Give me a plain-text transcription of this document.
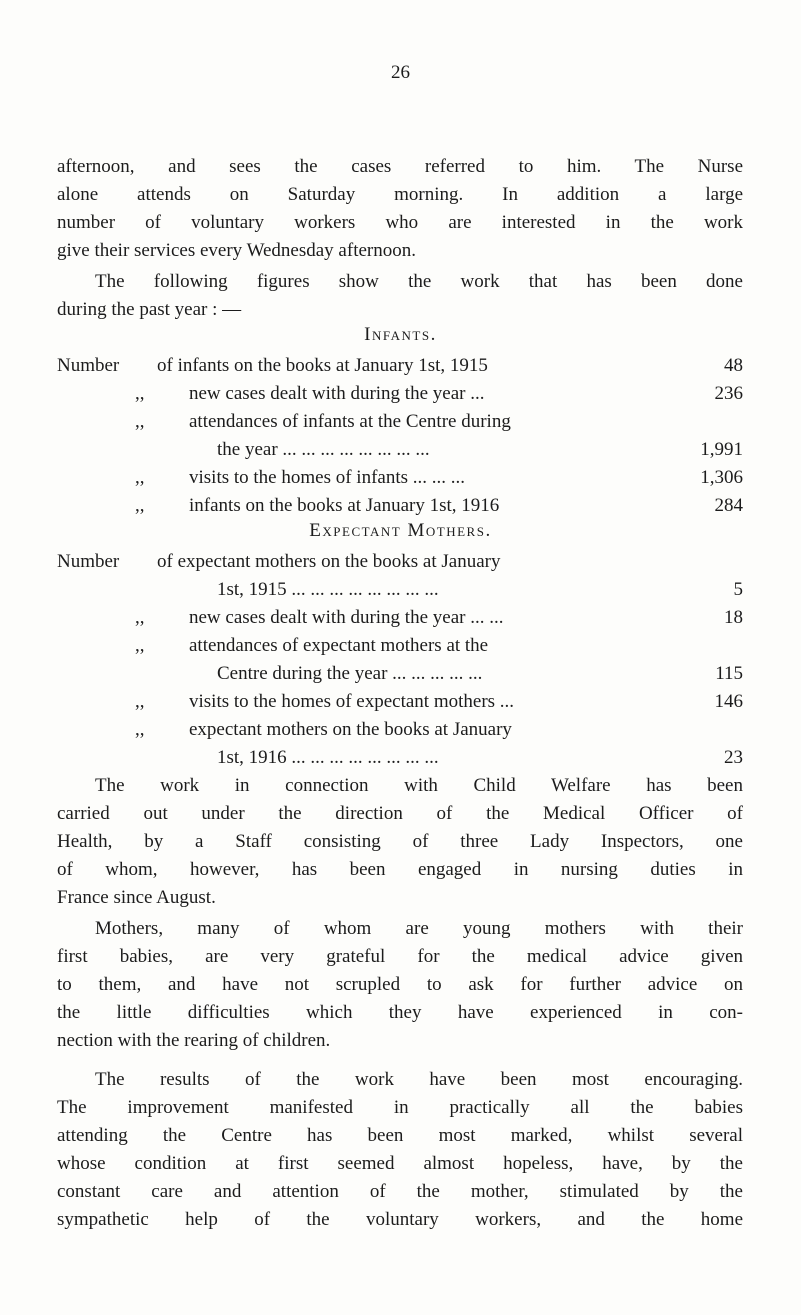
26
afternoon, and sees the cases referred to him. The Nurse
alone attends on Saturday morning. In addition a large
number of voluntary workers who are interested in the work
give their services every Wednesday afternoon.
The following figures show the work that has been done
during the past year : —
Infants.
Number of infants on the books at January 1st, 1915	48
,, new cases dealt with during the year ...	236
,, attendances of infants at the Centre during
the year ... ... ... ... ... ... ... ...	1,991
,, visits to the homes of infants ... ... ...	1,306
,, infants on the books at January 1st, 1916	284
Expectant Mothers.
Number of expectant mothers on the books at January
1st, 1915 ... ... ... ... ... ... ... ...	5
,, new cases dealt with during the year ... ...	18
,, attendances of expectant mothers at the
Centre during the year ... ... ... ... ...	115
,, visits to the homes of expectant mothers ...	146
,, expectant mothers on the books at January
1st, 1916 ... ... ... ... ... ... ... ...	23
The work in connection with Child Welfare has been
carried out under the direction of the Medical Officer of
Health, by a Staff consisting of three Lady Inspectors, one
of whom, however, has been engaged in nursing duties in
France since August.
Mothers, many of whom are young mothers with their
first babies, are very grateful for the medical advice given
to them, and have not scrupled to ask for further advice on
the little difficulties which they have experienced in con-
nection with the rearing of children.
The results of the work have been most encouraging.
The improvement manifested in practically all the babies
attending the Centre has been most marked, whilst several
whose condition at first seemed almost hopeless, have, by the
constant care and attention of the mother, stimulated by the
sympathetic help of the voluntary workers, and the home
